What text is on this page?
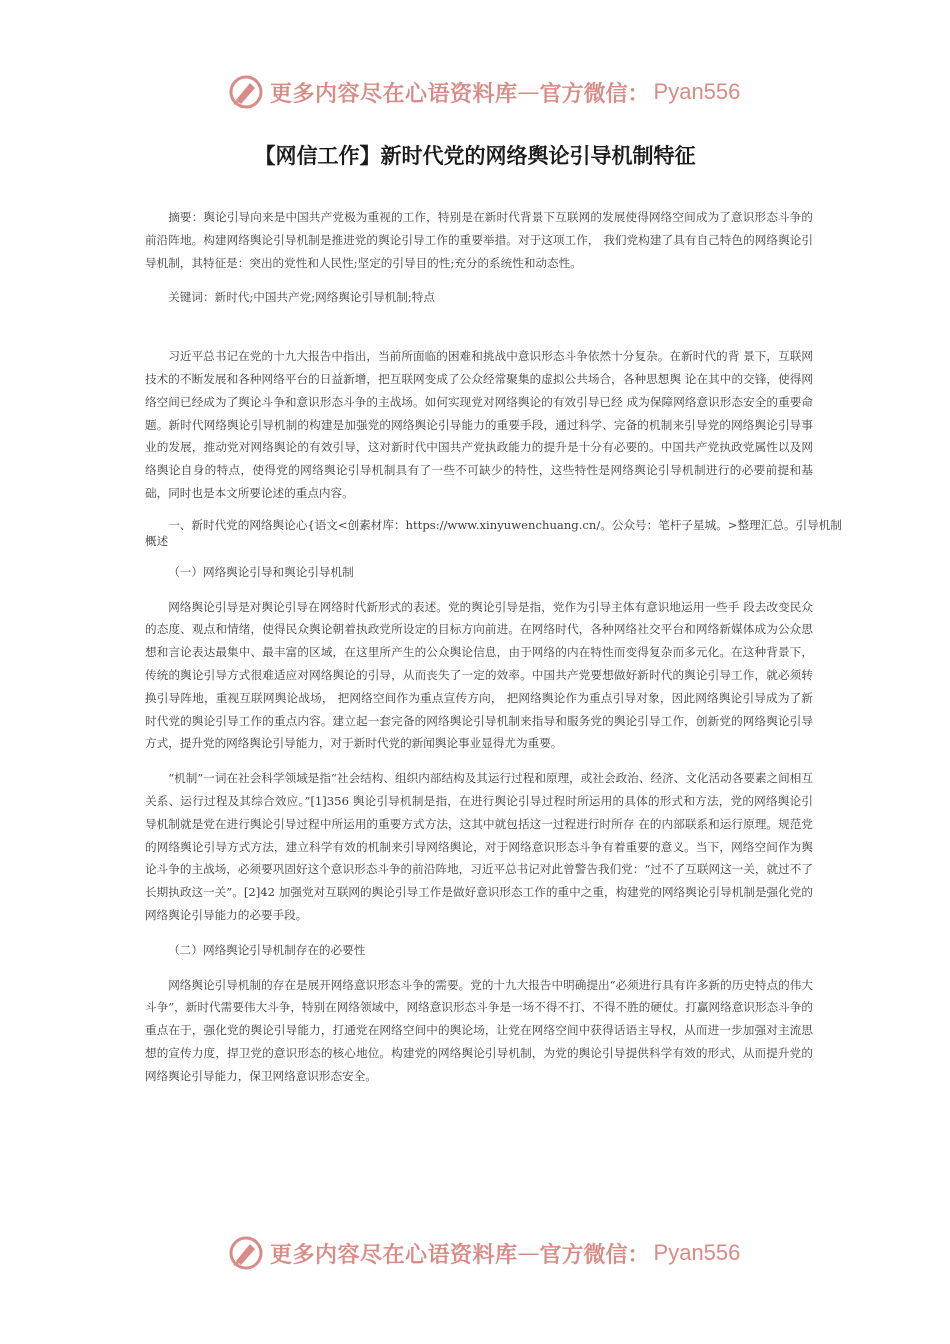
更多内容尽在心语资料库 — 官方微信： Pyan556
【网信工作】新时代党的网络舆论引导机制特征

摘要：舆论引导向来是中国共产党极为重视的工作，特别是在新时代背景下互联网的发展使得网络空间成为了意识形态斗争的前沿阵地。构建网络舆论引导机制是推进党的舆论引导工作的重要举措。对于这项工作， 我们党构建了具有自己特色的网络舆论引导机制，其特征是：突出的党性和人民性;坚定的引导目的性;充分的系统性和动态性。

关键词：新时代;中国共产党;网络舆论引导机制;特点

习近平总书记在党的十九大报告中指出，当前所面临的困难和挑战中意识形态斗争依然十分复杂。在新时代的背 景下，互联网技术的不断发展和各种网络平台的日益新增，把互联网变成了公众经常聚集的虚拟公共场合，各种思想舆 论在其中的交锋，使得网络空间已经成为了舆论斗争和意识形态斗争的主战场。如何实现党对网络舆论的有效引导已经 成为保障网络意识形态安全的重要命题。新时代网络舆论引导机制的构建是加强党的网络舆论引导能力的重要手段，通过科学、完备的机制来引导党的网络舆论引导事业的发展，推动党对网络舆论的有效引导，这对新时代中国共产党执政能力的提升是十分有必要的。中国共产党执政党属性以及网络舆论自身的特点，使得党的网络舆论引导机制具有了一些不可缺少的特性，这些特性是网络舆论引导机制进行的必要前提和基础，同时也是本文所要论述的重点内容。

一、新时代党的网络舆论心{语文<创素材库：https://www.xinyuwenchuang.cn/。公众号：笔杆子星城。>整理汇总。引导机制概述

（一）网络舆论引导和舆论引导机制

网络舆论引导是对舆论引导在网络时代新形式的表述。党的舆论引导是指，党作为引导主体有意识地运用一些手 段去改变民众的态度、观点和情绪，使得民众舆论朝着执政党所设定的目标方向前进。在网络时代，各种网络社交平台和网络新媒体成为公众思想和言论表达最集中、最丰富的区域，在这里所产生的公众舆论信息，由于网络的内在特性而变得复杂而多元化。在这种背景下， 传统的舆论引导方式很难适应对网络舆论的引导，从而丧失了一定的效率。中国共产党要想做好新时代的舆论引导工作，就必须转换引导阵地，重视互联网舆论战场， 把网络空间作为重点宣传方向， 把网络舆论作为重点引导对象，因此网络舆论引导成为了新时代党的舆论引导工作的重点内容。建立起一套完备的网络舆论引导机制来指导和服务党的舆论引导工作，创新党的网络舆论引导方式，提升党的网络舆论引导能力，对于新时代党的新闻舆论事业显得尤为重要。

“机制”一词在社会科学领域是指“社会结构、组织内部结构及其运行过程和原理，或社会政治、经济、文化活动各要素之间相互关系、运行过程及其综合效应。”[1]356 舆论引导机制是指，在进行舆论引导过程时所运用的具体的形式和方法，党的网络舆论引导机制就是党在进行舆论引导过程中所运用的重要方式方法，这其中就包括这一过程进行时所存 在的内部联系和运行原理。规范党的网络舆论引导方式方法，建立科学有效的机制来引导网络舆论，对于网络意识形态斗争有着重要的意义。当下，网络空间作为舆论斗争的主战场，必须要巩固好这个意识形态斗争的前沿阵地，习近平总书记对此曾警告我们党：“过不了互联网这一关，就过不了长期执政这一关”。[2]42 加强党对互联网的舆论引导工作是做好意识形态工作的重中之重，构建党的网络舆论引导机制是强化党的网络舆论引导能力的必要手段。

（二）网络舆论引导机制存在的必要性

网络舆论引导机制的存在是展开网络意识形态斗争的需要。党的十九大报告中明确提出“必须进行具有许多新的历史特点的伟大斗争”，新时代需要伟大斗争，特别在网络领域中，网络意识形态斗争是一场不得不打、不得不胜的硬仗。打赢网络意识形态斗争的重点在于，强化党的舆论引导能力，打通党在网络空间中的舆论场，让党在网络空间中获得话语主导权，从而进一步加强对主流思想的宣传力度，捍卫党的意识形态的核心地位。构建党的网络舆论引导机制，为党的舆论引导提供科学有效的形式，从而提升党的网络舆论引导能力，保卫网络意识形态安全。

更多内容尽在心语资料库 — 官方微信： Pyan556
